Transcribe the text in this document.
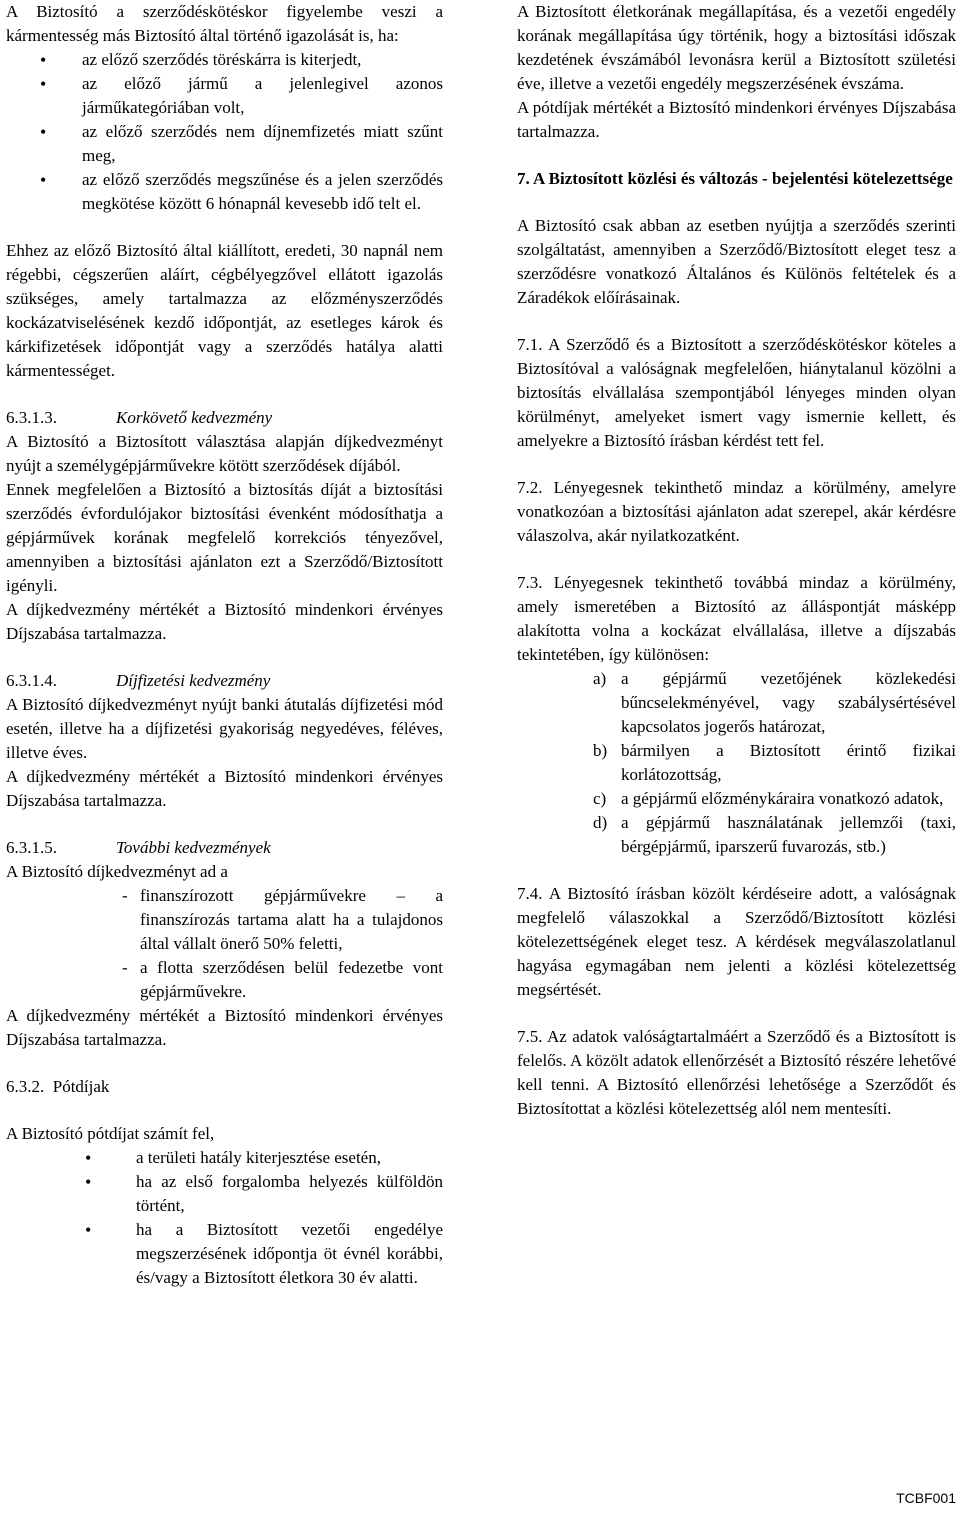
A Biztosító a szerződéskötéskor figyelembe veszi a kármentesség más Biztosító által történő igazolását is, ha:

• az előző szerződés töréskárra is kiterjedt,
• az előző jármű a jelenlegivel azonos járműkategóriában volt,
• az előző szerződés nem díjnemfizetés miatt szűnt meg,
• az előző szerződés megszűnése és a jelen szerződés megkötése között 6 hónapnál kevesebb idő telt el.

Ehhez az előző Biztosító által kiállított, eredeti, 30 napnál nem régebbi, cégszerűen aláírt, cégbélyegzővel ellátott igazolás szükséges, amely tartalmazza az előzményszerződés kockázatviselésének kezdő időpontját, az esetleges károk és kárkifizetések időpontját vagy a szerződés hatálya alatti kármentességet.

6.3.1.3.	Korkövető kedvezmény

A Biztosító a Biztosított választása alapján díjkedvezményt nyújt a személygépjárművekre kötött szerződések díjából.

Ennek megfelelően a Biztosító a biztosítás díját a biztosítási szerződés évfordulójakor biztosítási évenként módosíthatja a gépjárművek korának megfelelő korrekciós tényezővel, amennyiben a biztosítási ajánlaton ezt a Szerződő/Biztosított igényli.

A díjkedvezmény mértékét a Biztosító mindenkori érvényes Díjszabása tartalmazza.

6.3.1.4.	Díjfizetési kedvezmény

A Biztosító díjkedvezményt nyújt banki átutalás díjfizetési mód esetén, illetve ha a díjfizetési gyakoriság negyedéves, féléves, illetve éves.

A díjkedvezmény mértékét a Biztosító mindenkori érvényes Díjszabása tartalmazza.

6.3.1.5.	További kedvezmények

A Biztosító díjkedvezményt ad a

- finanszírozott gépjárművekre – a finanszírozás tartama alatt ha a tulajdonos által vállalt önerő 50% feletti,
- a flotta szerződésen belül fedezetbe vont gépjárművekre.

A díjkedvezmény mértékét a Biztosító mindenkori érvényes Díjszabása tartalmazza.

6.3.2.  Pótdíjak

A Biztosító pótdíjat számít fel,

• a területi hatály kiterjesztése esetén,
• ha az első forgalomba helyezés külföldön történt,
• ha a Biztosított vezetői engedélye megszerzésének időpontja öt évnél korábbi, és/vagy a Biztosított életkora 30 év alatti.

A Biztosított életkorának megállapítása, és a vezetői engedély korának megállapítása úgy történik, hogy a biztosítási időszak kezdetének évszámából levonásra kerül a Biztosított születési éve, illetve a vezetői engedély megszerzésének évszáma.

A pótdíjak mértékét a Biztosító mindenkori érvényes Díjszabása tartalmazza.

7. A Biztosított közlési és változás - bejelentési kötelezettsége

A Biztosító csak abban az esetben nyújtja a szerződés szerinti szolgáltatást, amennyiben a Szerződő/Biztosított eleget tesz a szerződésre vonatkozó Általános és Különös feltételek és a Záradékok előírásainak.

7.1. A Szerződő és a Biztosított a szerződéskötéskor köteles a Biztosítóval a valóságnak megfelelően, hiánytalanul közölni a biztosítás elvállalása szempontjából lényeges minden olyan körülményt, amelyeket ismert vagy ismernie kellett, és amelyekre a Biztosító írásban kérdést tett fel.

7.2. Lényegesnek tekinthető mindaz a körülmény, amelyre vonatkozóan a biztosítási ajánlaton adat szerepel, akár kérdésre válaszolva, akár nyilatkozatként.

7.3. Lényegesnek tekinthető továbbá mindaz a körülmény, amely ismeretében a Biztosító az álláspontját másképp alakította volna a kockázat elvállalása, illetve a díjszabás tekintetében, így különösen:

a) a gépjármű vezetőjének közlekedési bűncselekményével, vagy szabálysértésével kapcsolatos jogerős határozat,
b) bármilyen a Biztosított érintő fizikai korlátozottság,
c) a gépjármű előzménykáraira vonatkozó adatok,
d) a gépjármű használatának jellemzői (taxi, bérgépjármű, iparszerű fuvarozás, stb.)

7.4. A Biztosító írásban közölt kérdéseire adott, a valóságnak megfelelő válaszokkal a Szerződő/Biztosított közlési kötelezettségének eleget tesz. A kérdések megválaszolatlanul hagyása egymagában nem jelenti a közlési kötelezettség megsértését.

7.5. Az adatok valóságtartalmáért a Szerződő és a Biztosított is felelős. A közölt adatok ellenőrzését a Biztosító részére lehetővé kell tenni. A Biztosító ellenőrzési lehetősége a Szerződőt és Biztosítottat a közlési kötelezettség alól nem mentesíti.

TCBF001
